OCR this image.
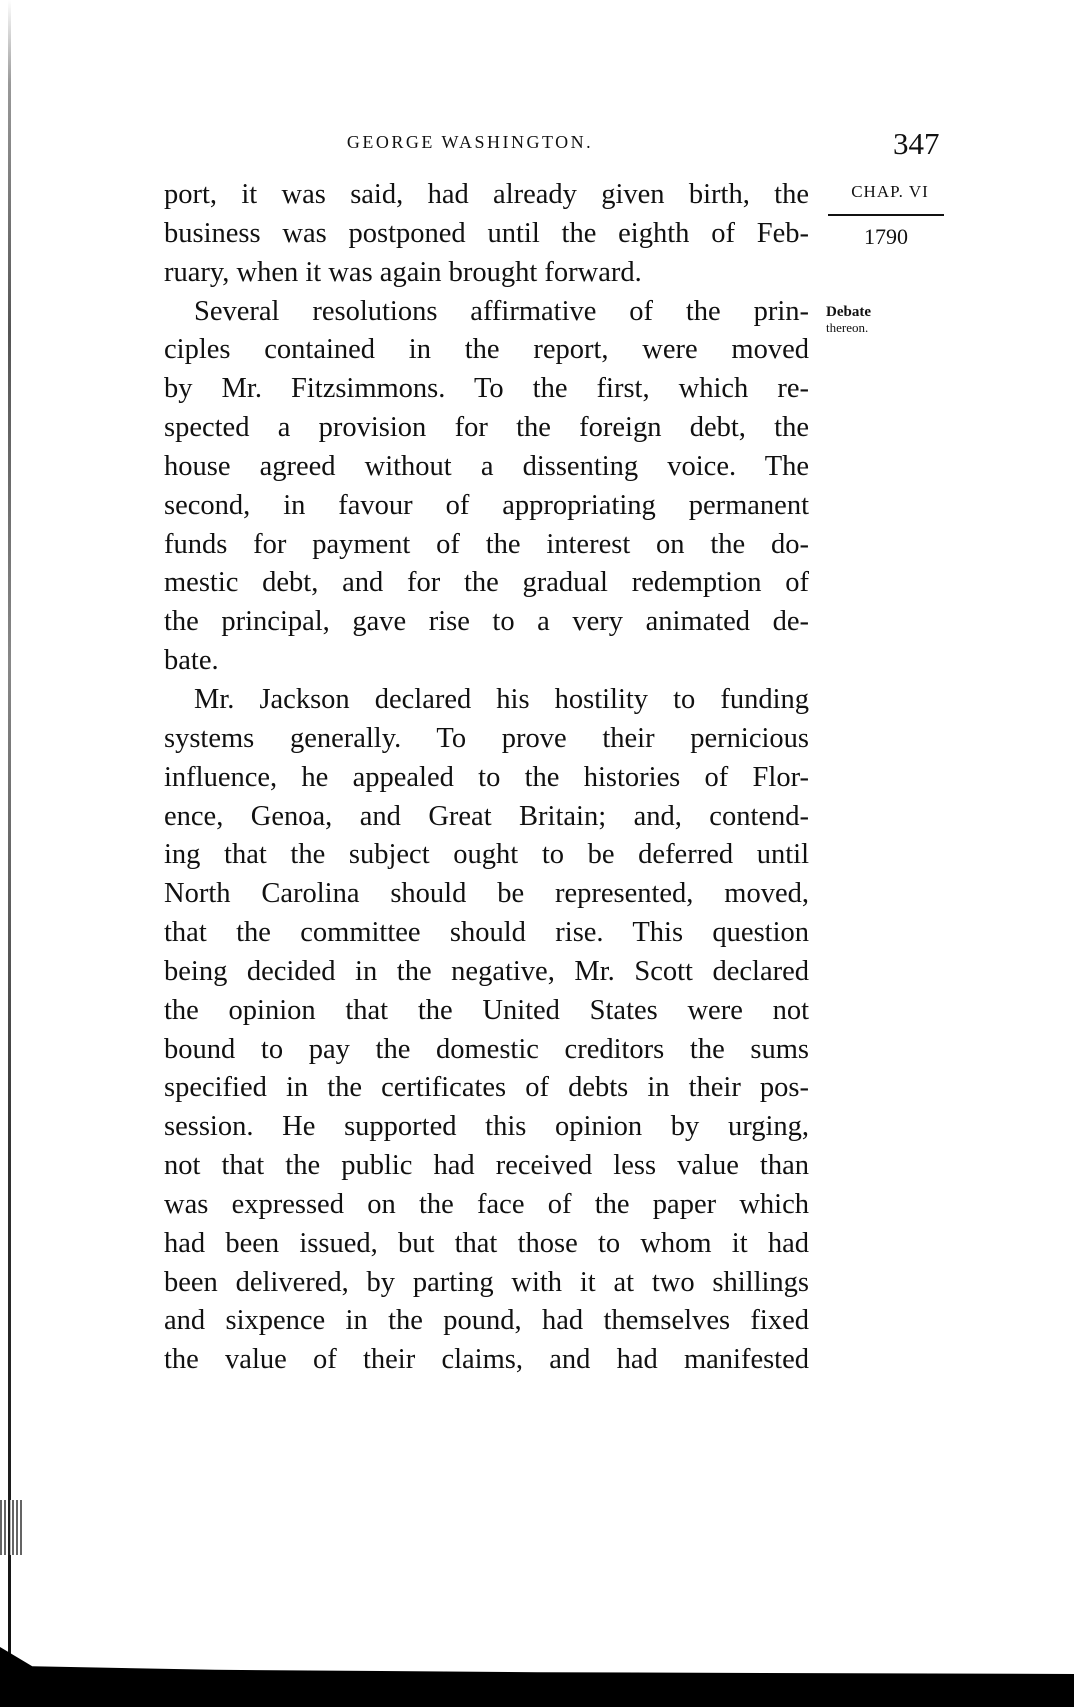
GEORGE WASHINGTON.	347
CHAP. VI
1790
Debate
thereon.
port, it was said, had already given birth, the
business was postponed until the eighth of Feb-
ruary, when it was again brought forward.
Several resolutions affirmative of the prin-
ciples contained in the report, were moved
by Mr. Fitzsimmons. To the first, which re-
spected a provision for the foreign debt, the
house agreed without a dissenting voice. The
second, in favour of appropriating permanent
funds for payment of the interest on the do-
mestic debt, and for the gradual redemption of
the principal, gave rise to a very animated de-
bate.
Mr. Jackson declared his hostility to funding
systems generally. To prove their pernicious
influence, he appealed to the histories of Flor-
ence, Genoa, and Great Britain; and, contend-
ing that the subject ought to be deferred until
North Carolina should be represented, moved,
that the committee should rise. This question
being decided in the negative, Mr. Scott declared
the opinion that the United States were not
bound to pay the domestic creditors the sums
specified in the certificates of debts in their pos-
session. He supported this opinion by urging,
not that the public had received less value than
was expressed on the face of the paper which
had been issued, but that those to whom it had
been delivered, by parting with it at two shillings
and sixpence in the pound, had themselves fixed
the value of their claims, and had manifested
